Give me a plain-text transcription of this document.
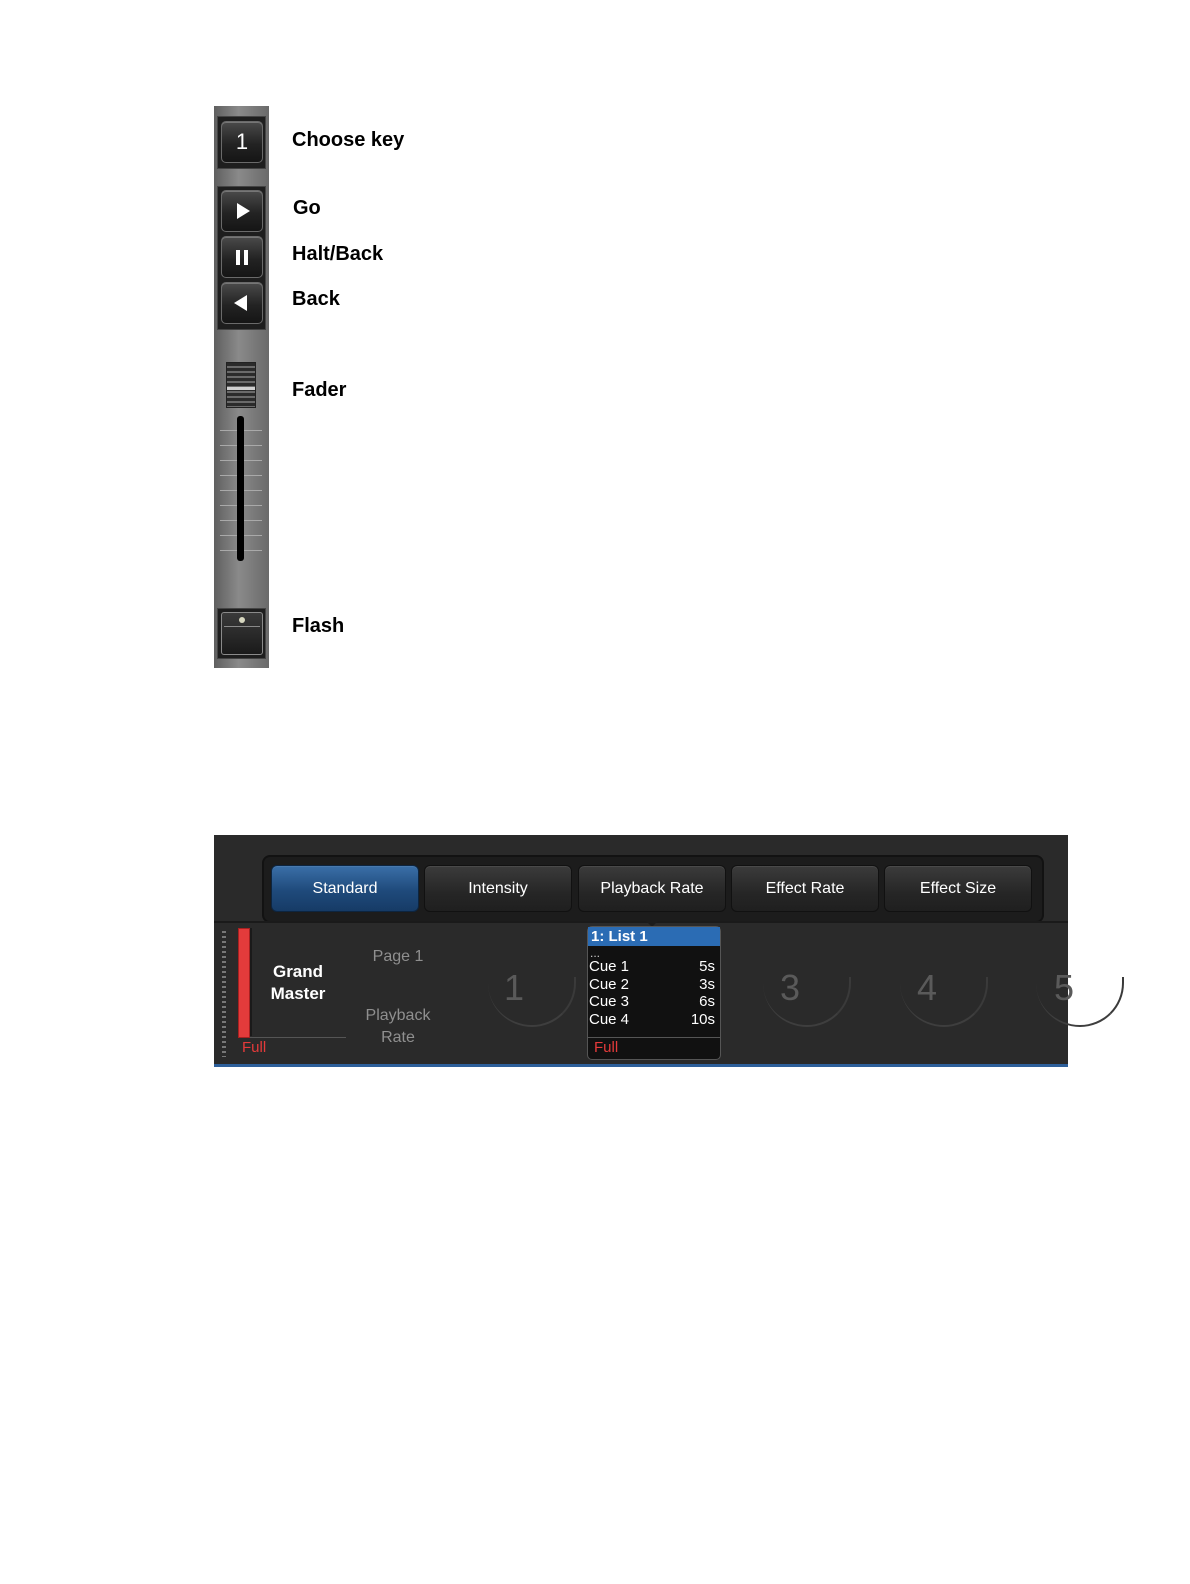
1 Choose key
Go
Halt/Back
Back
Fader
Flash
Standard	Intensity	Playback Rate	Effect Rate	Effect Size
Grand
Master
Full
Page 1
Playback
Rate
1	3	4	5
1: List 1
...
Cue 1	5s
Cue 2	3s
Cue 3	6s
Cue 4	10s
Full
